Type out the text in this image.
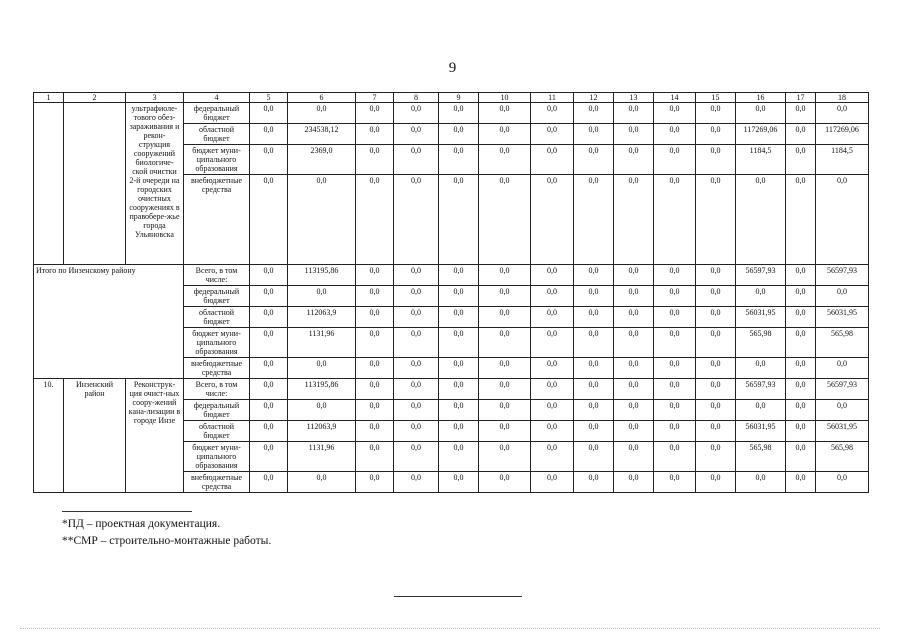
9
1	2	3	4	5	6	7	8	9	10	11	12	13	14	15	16	17	18
		ультрафиоле-тового обез-зараживания и рекон-струкция сооружений биологиче-ской очистки 2-й очереди на городских очистных сооружениях в правобере-жье города Ульяновска	федеральный бюджет	0,0	0,0	0,0	0,0	0,0	0,0	0,0	0,0	0,0	0,0	0,0	0,0	0,0	0,0
			областной бюджет	0,0	234538,12	0,0	0,0	0,0	0,0	0,0	0,0	0,0	0,0	0,0	117269,06	0,0	117269,06
			бюджет муни-ципального образования	0,0	2369,0	0,0	0,0	0,0	0,0	0,0	0,0	0,0	0,0	0,0	1184,5	0,0	1184,5
			внебюджетные средства	0,0	0,0	0,0	0,0	0,0	0,0	0,0	0,0	0,0	0,0	0,0	0,0	0,0	0,0
Итого по Инзенскому району			Всего, в том числе:	0,0	113195,86	0,0	0,0	0,0	0,0	0,0	0,0	0,0	0,0	0,0	56597,93	0,0	56597,93
			федеральный бюджет	0,0	0,0	0,0	0,0	0,0	0,0	0,0	0,0	0,0	0,0	0,0	0,0	0,0	0,0
			областной бюджет	0,0	112063,9	0,0	0,0	0,0	0,0	0,0	0,0	0,0	0,0	0,0	56031,95	0,0	56031,95
			бюджет муни-ципального образования	0,0	1131,96	0,0	0,0	0,0	0,0	0,0	0,0	0,0	0,0	0,0	565,98	0,0	565,98
			внебюджетные средства	0,0	0,0	0,0	0,0	0,0	0,0	0,0	0,0	0,0	0,0	0,0	0,0	0,0	0,0
10.	Инзенский район	Реконструк-ция очист-ных соору-жений кана-лизации в городе Инзе	Всего, в том числе:	0,0	113195,86	0,0	0,0	0,0	0,0	0,0	0,0	0,0	0,0	0,0	56597,93	0,0	56597,93
			федеральный бюджет	0,0	0,0	0,0	0,0	0,0	0,0	0,0	0,0	0,0	0,0	0,0	0,0	0,0	0,0
			областной бюджет	0,0	112063,9	0,0	0,0	0,0	0,0	0,0	0,0	0,0	0,0	0,0	56031,95	0,0	56031,95
			бюджет муни-ципального образования	0,0	1131,96	0,0	0,0	0,0	0,0	0,0	0,0	0,0	0,0	0,0	565,98	0,0	565,98
			внебюджетные средства	0,0	0,0	0,0	0,0	0,0	0,0	0,0	0,0	0,0	0,0	0,0	0,0	0,0	0,0
*ПД – проектная документация.
**СМР – строительно-монтажные работы.
